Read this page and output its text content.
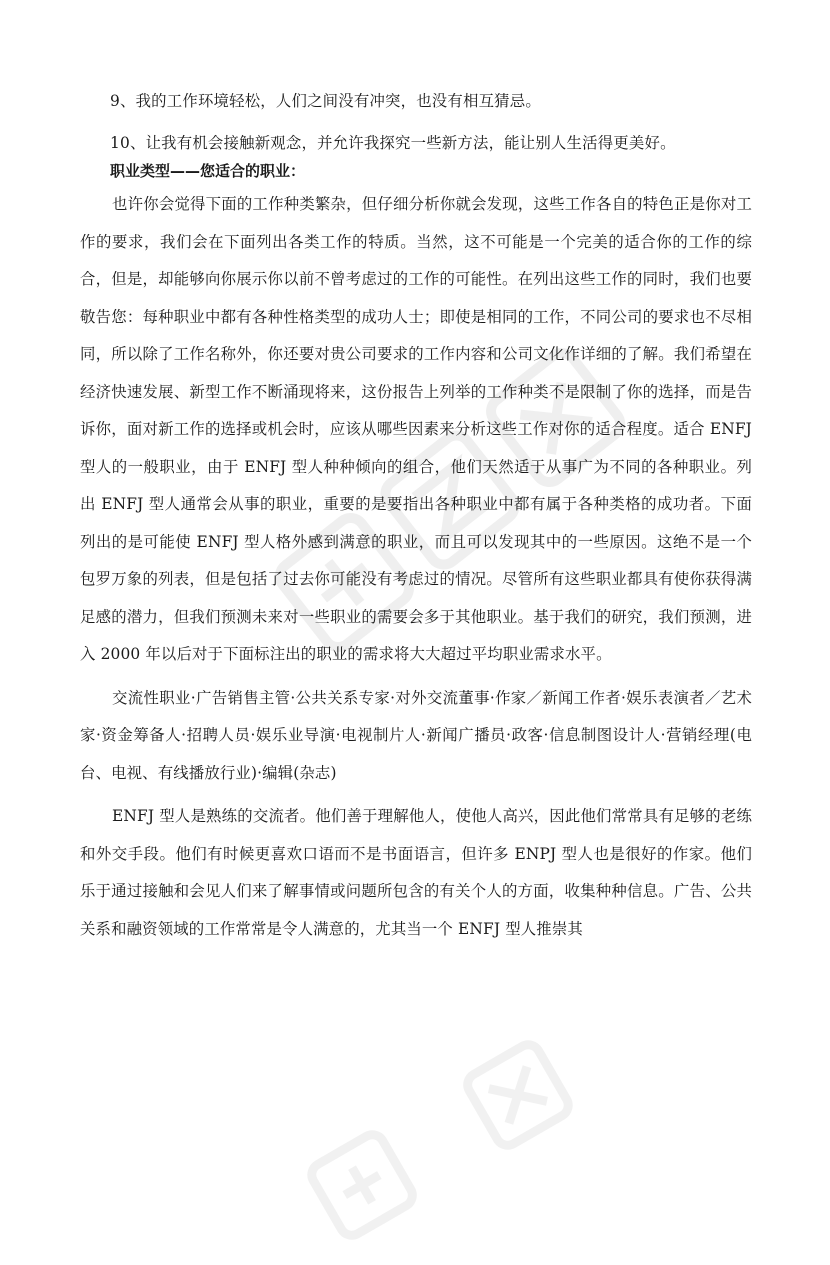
9、我的工作环境轻松，人们之间没有冲突，也没有相互猜忌。

10、让我有机会接触新观念，并允许我探究一些新方法，能让别人生活得更美好。

职业类型——您适合的职业：

也许你会觉得下面的工作种类繁杂，但仔细分析你就会发现，这些工作各自的特色正是你对工作的要求，我们会在下面列出各类工作的特质。当然，这不可能是一个完美的适合你的工作的综合，但是，却能够向你展示你以前不曾考虑过的工作的可能性。在列出这些工作的同时，我们也要敬告您：每种职业中都有各种性格类型的成功人士；即使是相同的工作，不同公司的要求也不尽相同，所以除了工作名称外，你还要对贵公司要求的工作内容和公司文化作详细的了解。我们希望在经济快速发展、新型工作不断涌现将来，这份报告上列举的工作种类不是限制了你的选择，而是告诉你，面对新工作的选择或机会时，应该从哪些因素来分析这些工作对你的适合程度。适合 ENFJ 型人的一般职业，由于 ENFJ 型人种种倾向的组合，他们天然适于从事广为不同的各种职业。列出 ENFJ 型人通常会从事的职业，重要的是要指出各种职业中都有属于各种类格的成功者。下面列出的是可能使 ENFJ 型人格外感到满意的职业，而且可以发现其中的一些原因。这绝不是一个包罗万象的列表，但是包括了过去你可能没有考虑过的情况。尽管所有这些职业都具有使你获得满足感的潜力，但我们预测未来对一些职业的需要会多于其他职业。基于我们的研究，我们预测，进入 2000 年以后对于下面标注出的职业的需求将大大超过平均职业需求水平。

交流性职业·广告销售主管·公共关系专家·对外交流董事·作家／新闻工作者·娱乐表演者／艺术家·资金筹备人·招聘人员·娱乐业导演·电视制片人·新闻广播员·政客·信息制图设计人·营销经理(电台、电视、有线播放行业)·编辑(杂志)

ENFJ 型人是熟练的交流者。他们善于理解他人，使他人高兴，因此他们常常具有足够的老练和外交手段。他们有时候更喜欢口语而不是书面语言，但许多 ENPJ 型人也是很好的作家。他们乐于通过接触和会见人们来了解事情或问题所包含的有关个人的方面，收集种种信息。广告、公共关系和融资领域的工作常常是令人满意的，尤其当一个 ENFJ 型人推崇其
